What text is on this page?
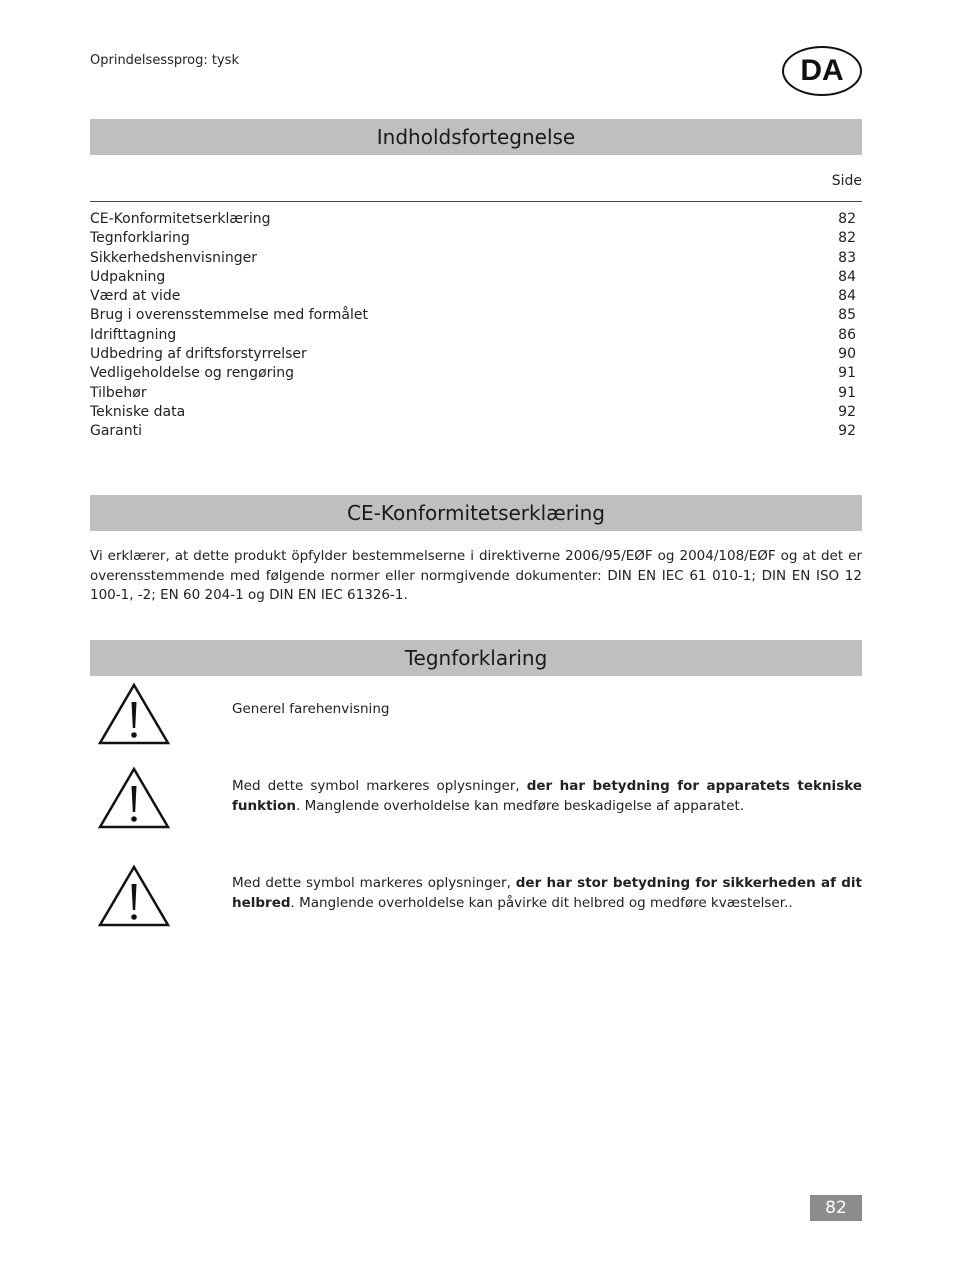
Oprindelsessprog: tysk	DA
Indholdsfortegnelse
Side
CE-Konformitetserklæring	82
Tegnforklaring	82
Sikkerhedshenvisninger	83
Udpakning	84
Værd at vide	84
Brug i overensstemmelse med formålet	85
Idrifttagning	86
Udbedring af driftsforstyrrelser	90
Vedligeholdelse og rengøring	91
Tilbehør	91
Tekniske data	92
Garanti	92
CE-Konformitetserklæring
Vi erklærer, at dette produkt öpfylder bestemmelserne i direktiverne 2006/95/EØF og 2004/108/EØF og at det er overensstemmende med følgende normer eller normgivende dokumenter: DIN EN IEC 61 010-1; DIN EN ISO 12 100-1, -2; EN 60 204-1 og DIN EN IEC 61326-1.
Tegnforklaring
Generel farehenvisning
Med dette symbol markeres oplysninger, der har betydning for apparatets tekniske funktion. Manglende overholdelse kan medføre beskadigelse af apparatet.
Med dette symbol markeres oplysninger, der har stor betydning for sikkerheden af dit helbred. Manglende overholdelse kan påvirke dit helbred og medføre kvæstelser..
82
